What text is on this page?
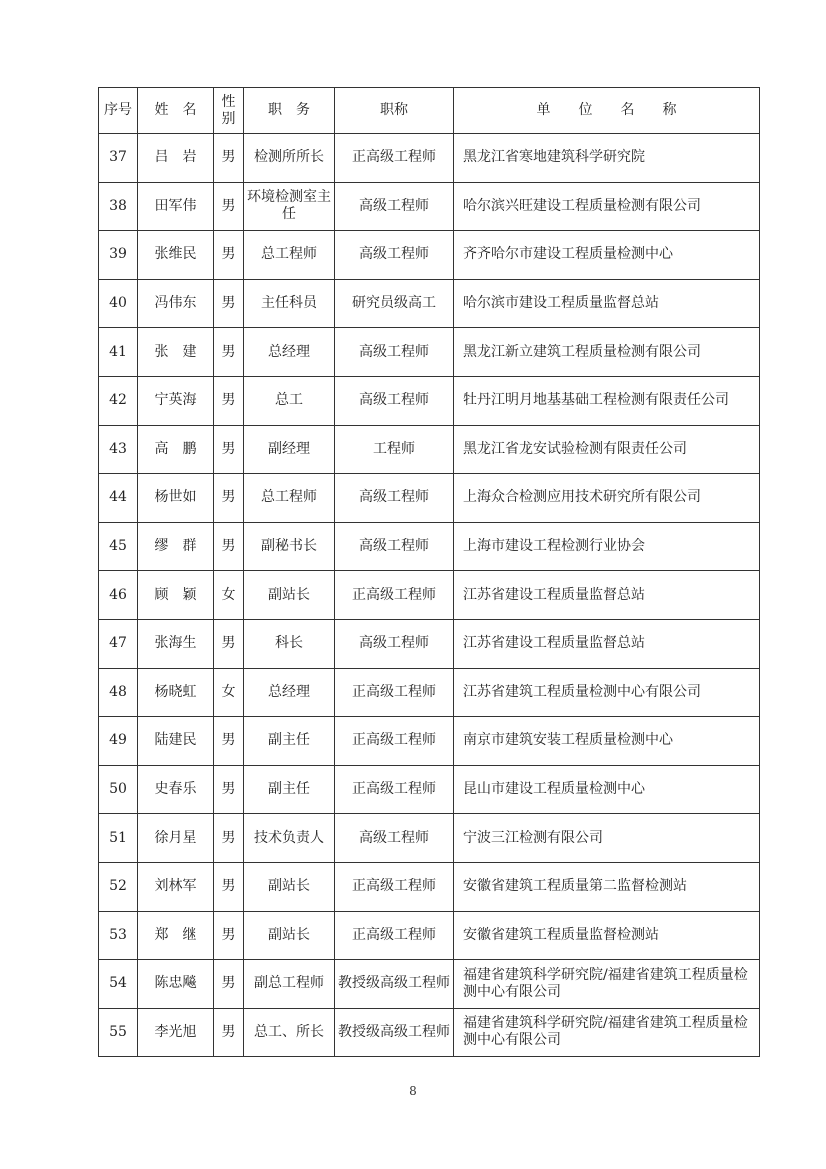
序号	姓　名	性别	职　务	职称	单　　位　　名　　称
37	吕　岩	男	检测所所长	正高级工程师	黑龙江省寒地建筑科学研究院
38	田军伟	男	环境检测室主任	高级工程师	哈尔滨兴旺建设工程质量检测有限公司
39	张维民	男	总工程师	高级工程师	齐齐哈尔市建设工程质量检测中心
40	冯伟东	男	主任科员	研究员级高工	哈尔滨市建设工程质量监督总站
41	张　建	男	总经理	高级工程师	黑龙江新立建筑工程质量检测有限公司
42	宁英海	男	总工	高级工程师	牡丹江明月地基基础工程检测有限责任公司
43	高　鹏	男	副经理	工程师	黑龙江省龙安试验检测有限责任公司
44	杨世如	男	总工程师	高级工程师	上海众合检测应用技术研究所有限公司
45	缪　群	男	副秘书长	高级工程师	上海市建设工程检测行业协会
46	顾　颖	女	副站长	正高级工程师	江苏省建设工程质量监督总站
47	张海生	男	科长	高级工程师	江苏省建设工程质量监督总站
48	杨晓虹	女	总经理	正高级工程师	江苏省建筑工程质量检测中心有限公司
49	陆建民	男	副主任	正高级工程师	南京市建筑安装工程质量检测中心
50	史春乐	男	副主任	正高级工程师	昆山市建设工程质量检测中心
51	徐月星	男	技术负责人	高级工程师	宁波三江检测有限公司
52	刘林军	男	副站长	正高级工程师	安徽省建筑工程质量第二监督检测站
53	郑　继	男	副站长	正高级工程师	安徽省建筑工程质量监督检测站
54	陈忠飚	男	副总工程师	教授级高级工程师	福建省建筑科学研究院/福建省建筑工程质量检测中心有限公司
55	李光旭	男	总工、所长	教授级高级工程师	福建省建筑科学研究院/福建省建筑工程质量检测中心有限公司
8
